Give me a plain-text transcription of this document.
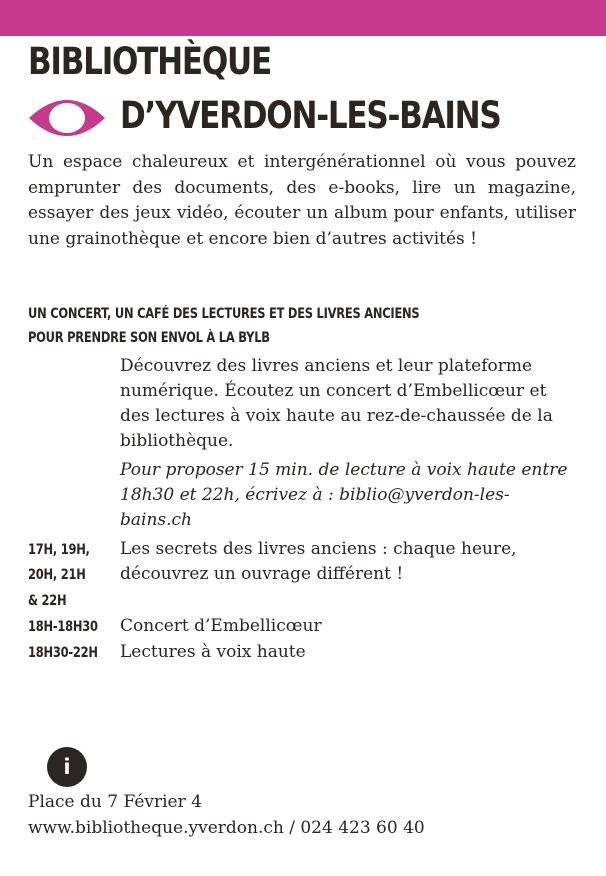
BIBLIOTHÈQUE
D’YVERDON-LES-BAINS

Un espace chaleureux et intergénérationnel où vous pouvez emprunter des documents, des e-books, lire un magazine, essayer des jeux vidéo, écouter un album pour enfants, utiliser une grainothèque et encore bien d’autres activités !

UN CONCERT, UN CAFÉ DES LECTURES ET DES LIVRES ANCIENS
POUR PRENDRE SON ENVOL À LA BYLB

Découvrez des livres anciens et leur plateforme numérique. Écoutez un concert d’Embellicœur et des lectures à voix haute au rez-de-chaussée de la bibliothèque.

Pour proposer 15 min. de lecture à voix haute entre 18h30 et 22h, écrivez à : biblio@yverdon-les-bains.ch

17H, 19H,
20H, 21H
& 22H
Les secrets des livres anciens : chaque heure,
découvrez un ouvrage différent !
18H-18H30 Concert d’Embellicœur
18H30-22H Lectures à voix haute
i
Place du 7 Février 4
www.bibliotheque.yverdon.ch / 024 423 60 40
